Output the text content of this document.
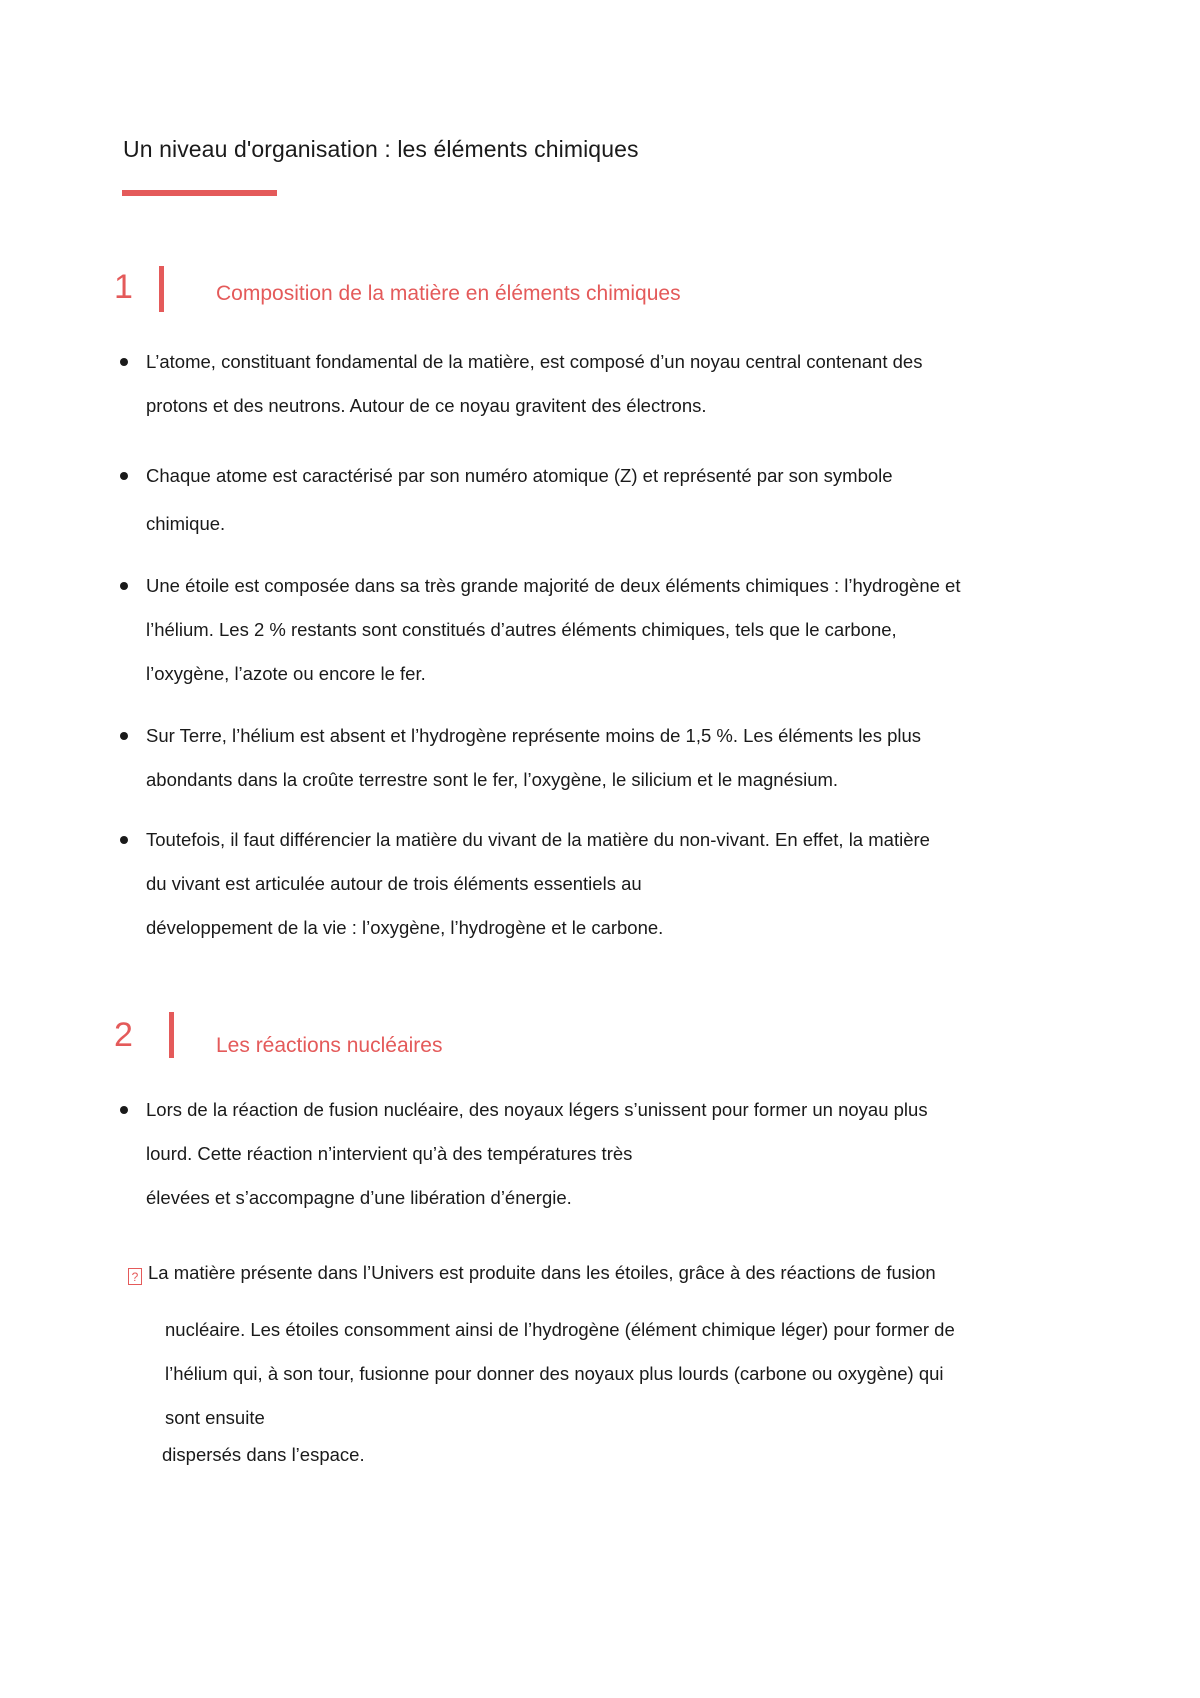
Un niveau d'organisation : les éléments chimiques
1	Composition de la matière en éléments chimiques
L’atome, constituant fondamental de la matière, est composé d’un noyau central contenant des
protons et des neutrons. Autour de ce noyau gravitent des électrons.
Chaque atome est caractérisé par son numéro atomique (Z) et représenté par son symbole
chimique.
Une étoile est composée dans sa très grande majorité de deux éléments chimiques : l’hydrogène et
l’hélium. Les 2 % restants sont constitués d’autres éléments chimiques, tels que le carbone,
l’oxygène, l’azote ou encore le fer.
Sur Terre, l’hélium est absent et l’hydrogène représente moins de 1,5 %. Les éléments les plus
abondants dans la croûte terrestre sont le fer, l’oxygène, le silicium et le magnésium.
Toutefois, il faut différencier la matière du vivant de la matière du non-vivant. En effet, la matière
du vivant est articulée autour de trois éléments essentiels au
développement de la vie : l’oxygène, l’hydrogène et le carbone.
2	Les réactions nucléaires
Lors de la réaction de fusion nucléaire, des noyaux légers s’unissent pour former un noyau plus
lourd. Cette réaction n’intervient qu’à des températures très
élevées et s’accompagne d’une libération d’énergie.
? La matière présente dans l’Univers est produite dans les étoiles, grâce à des réactions de fusion
nucléaire. Les étoiles consomment ainsi de l’hydrogène (élément chimique léger) pour former de
l’hélium qui, à son tour, fusionne pour donner des noyaux plus lourds (carbone ou oxygène) qui
sont ensuite
dispersés dans l’espace.
